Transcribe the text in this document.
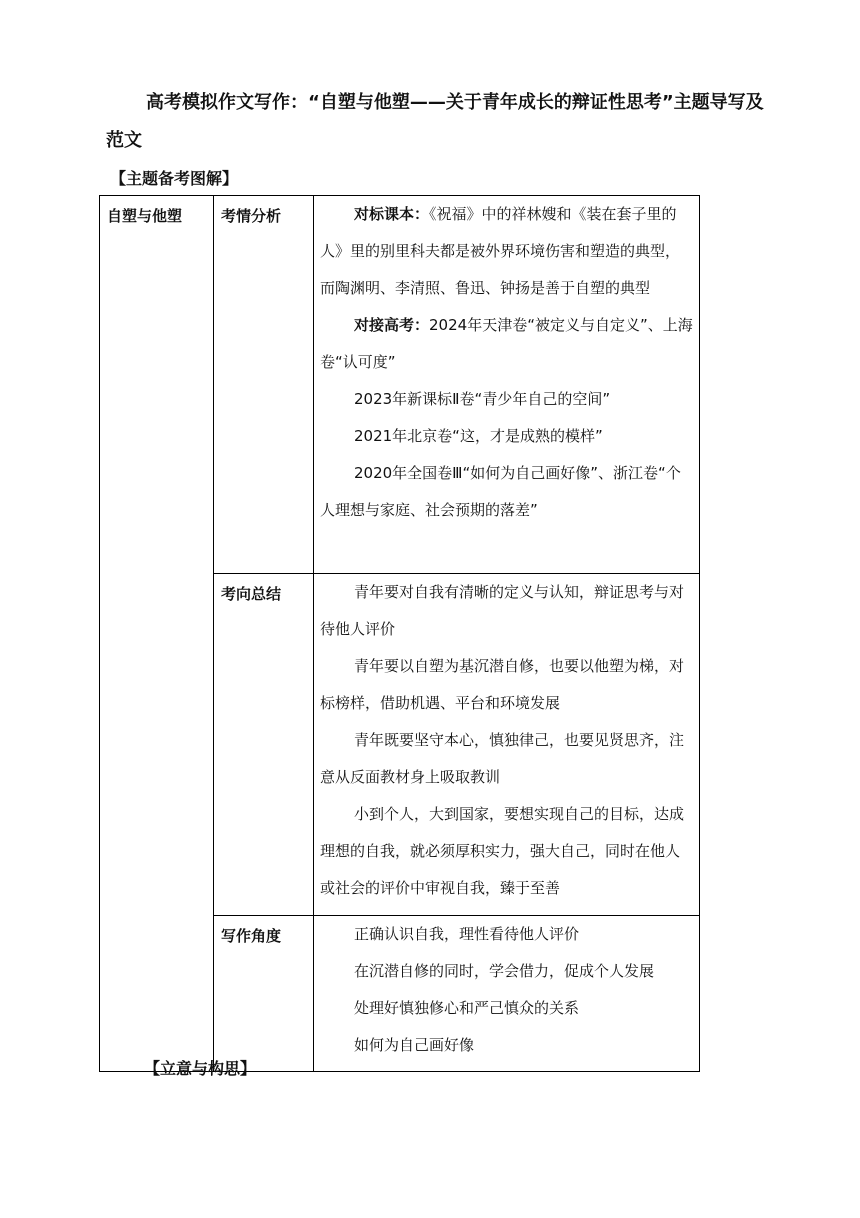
高考模拟作文写作：“自塑与他塑——关于青年成长的辩证性思考”主题导写及范文
【主题备考图解】
自塑与他塑	考情分析	对标课本：《祝福》中的祥林嫂和《装在套子里的人》里的别里科夫都是被外界环境伤害和塑造的典型，而陶渊明、李清照、鲁迅、钟扬是善于自塑的典型

对接高考：2024年天津卷“被定义与自定义”、上海卷“认可度”

2023年新课标Ⅱ卷“青少年自己的空间”

2021年北京卷“这，才是成熟的模样”

2020年全国卷Ⅲ“如何为自己画好像”、浙江卷“个人理想与家庭、社会预期的落差”

	考向总结	青年要对自我有清晰的定义与认知，辩证思考与对待他人评价

青年要以自塑为基沉潜自修，也要以他塑为梯，对标榜样，借助机遇、平台和环境发展

青年既要坚守本心，慎独律己，也要见贤思齐，注意从反面教材身上吸取教训

小到个人，大到国家，要想实现自己的目标，达成理想的自我，就必须厚积实力，强大自己，同时在他人或社会的评价中审视自我，臻于至善

	写作角度	正确认识自我，理性看待他人评价

在沉潜自修的同时，学会借力，促成个人发展

处理好慎独修心和严己慎众的关系

如何为自己画好像

【立意与构思】
